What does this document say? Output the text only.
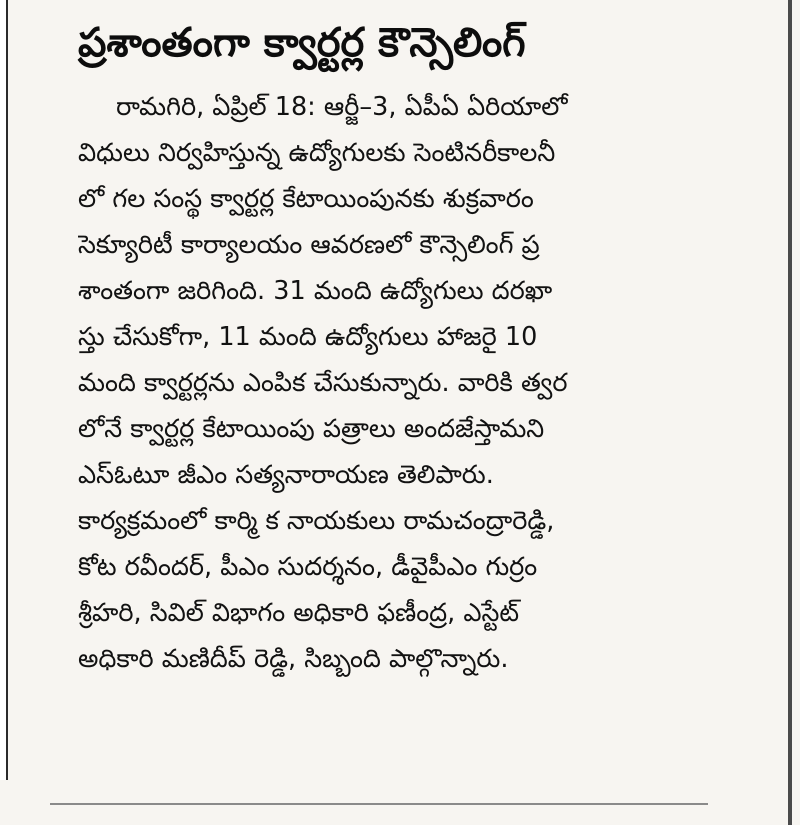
ప్రశాంతంగా క్వార్టర్ల కౌన్సెలింగ్
రామగిరి, ఏప్రిల్ 18: ఆర్జీ–3, ఏపీఏ ఏరియాలో
విధులు నిర్వహిస్తున్న ఉద్యోగులకు సెంటినరీకాలనీ
లో గల సంస్థ క్వార్టర్ల కేటాయింపునకు శుక్రవారం
సెక్యూరిటీ కార్యాలయం ఆవరణలో కౌన్సెలింగ్ ప్ర
శాంతంగా జరిగింది. 31 మంది ఉద్యోగులు దరఖా
స్తు చేసుకోగా, 11 మంది ఉద్యోగులు హాజరై 10
మంది క్వార్టర్లను ఎంపిక చేసుకున్నారు. వారికి త్వర
లోనే క్వార్టర్ల కేటాయింపు పత్రాలు అందజేస్తామని
ఎస్ఓటూ జీఎం సత్యనారాయణ తెలిపారు.
కార్యక్రమంలో కార్మి క నాయకులు రామచంద్రారెడ్డి,
కోట రవీందర్, పీఎం సుదర్శనం, డీవైపీఎం గుర్రం
శ్రీహరి, సివిల్ విభాగం అధికారి ఫణీంద్ర, ఎస్టేట్
అధికారి మణిదీప్ రెడ్డి, సిబ్బంది పాల్గొన్నారు.
